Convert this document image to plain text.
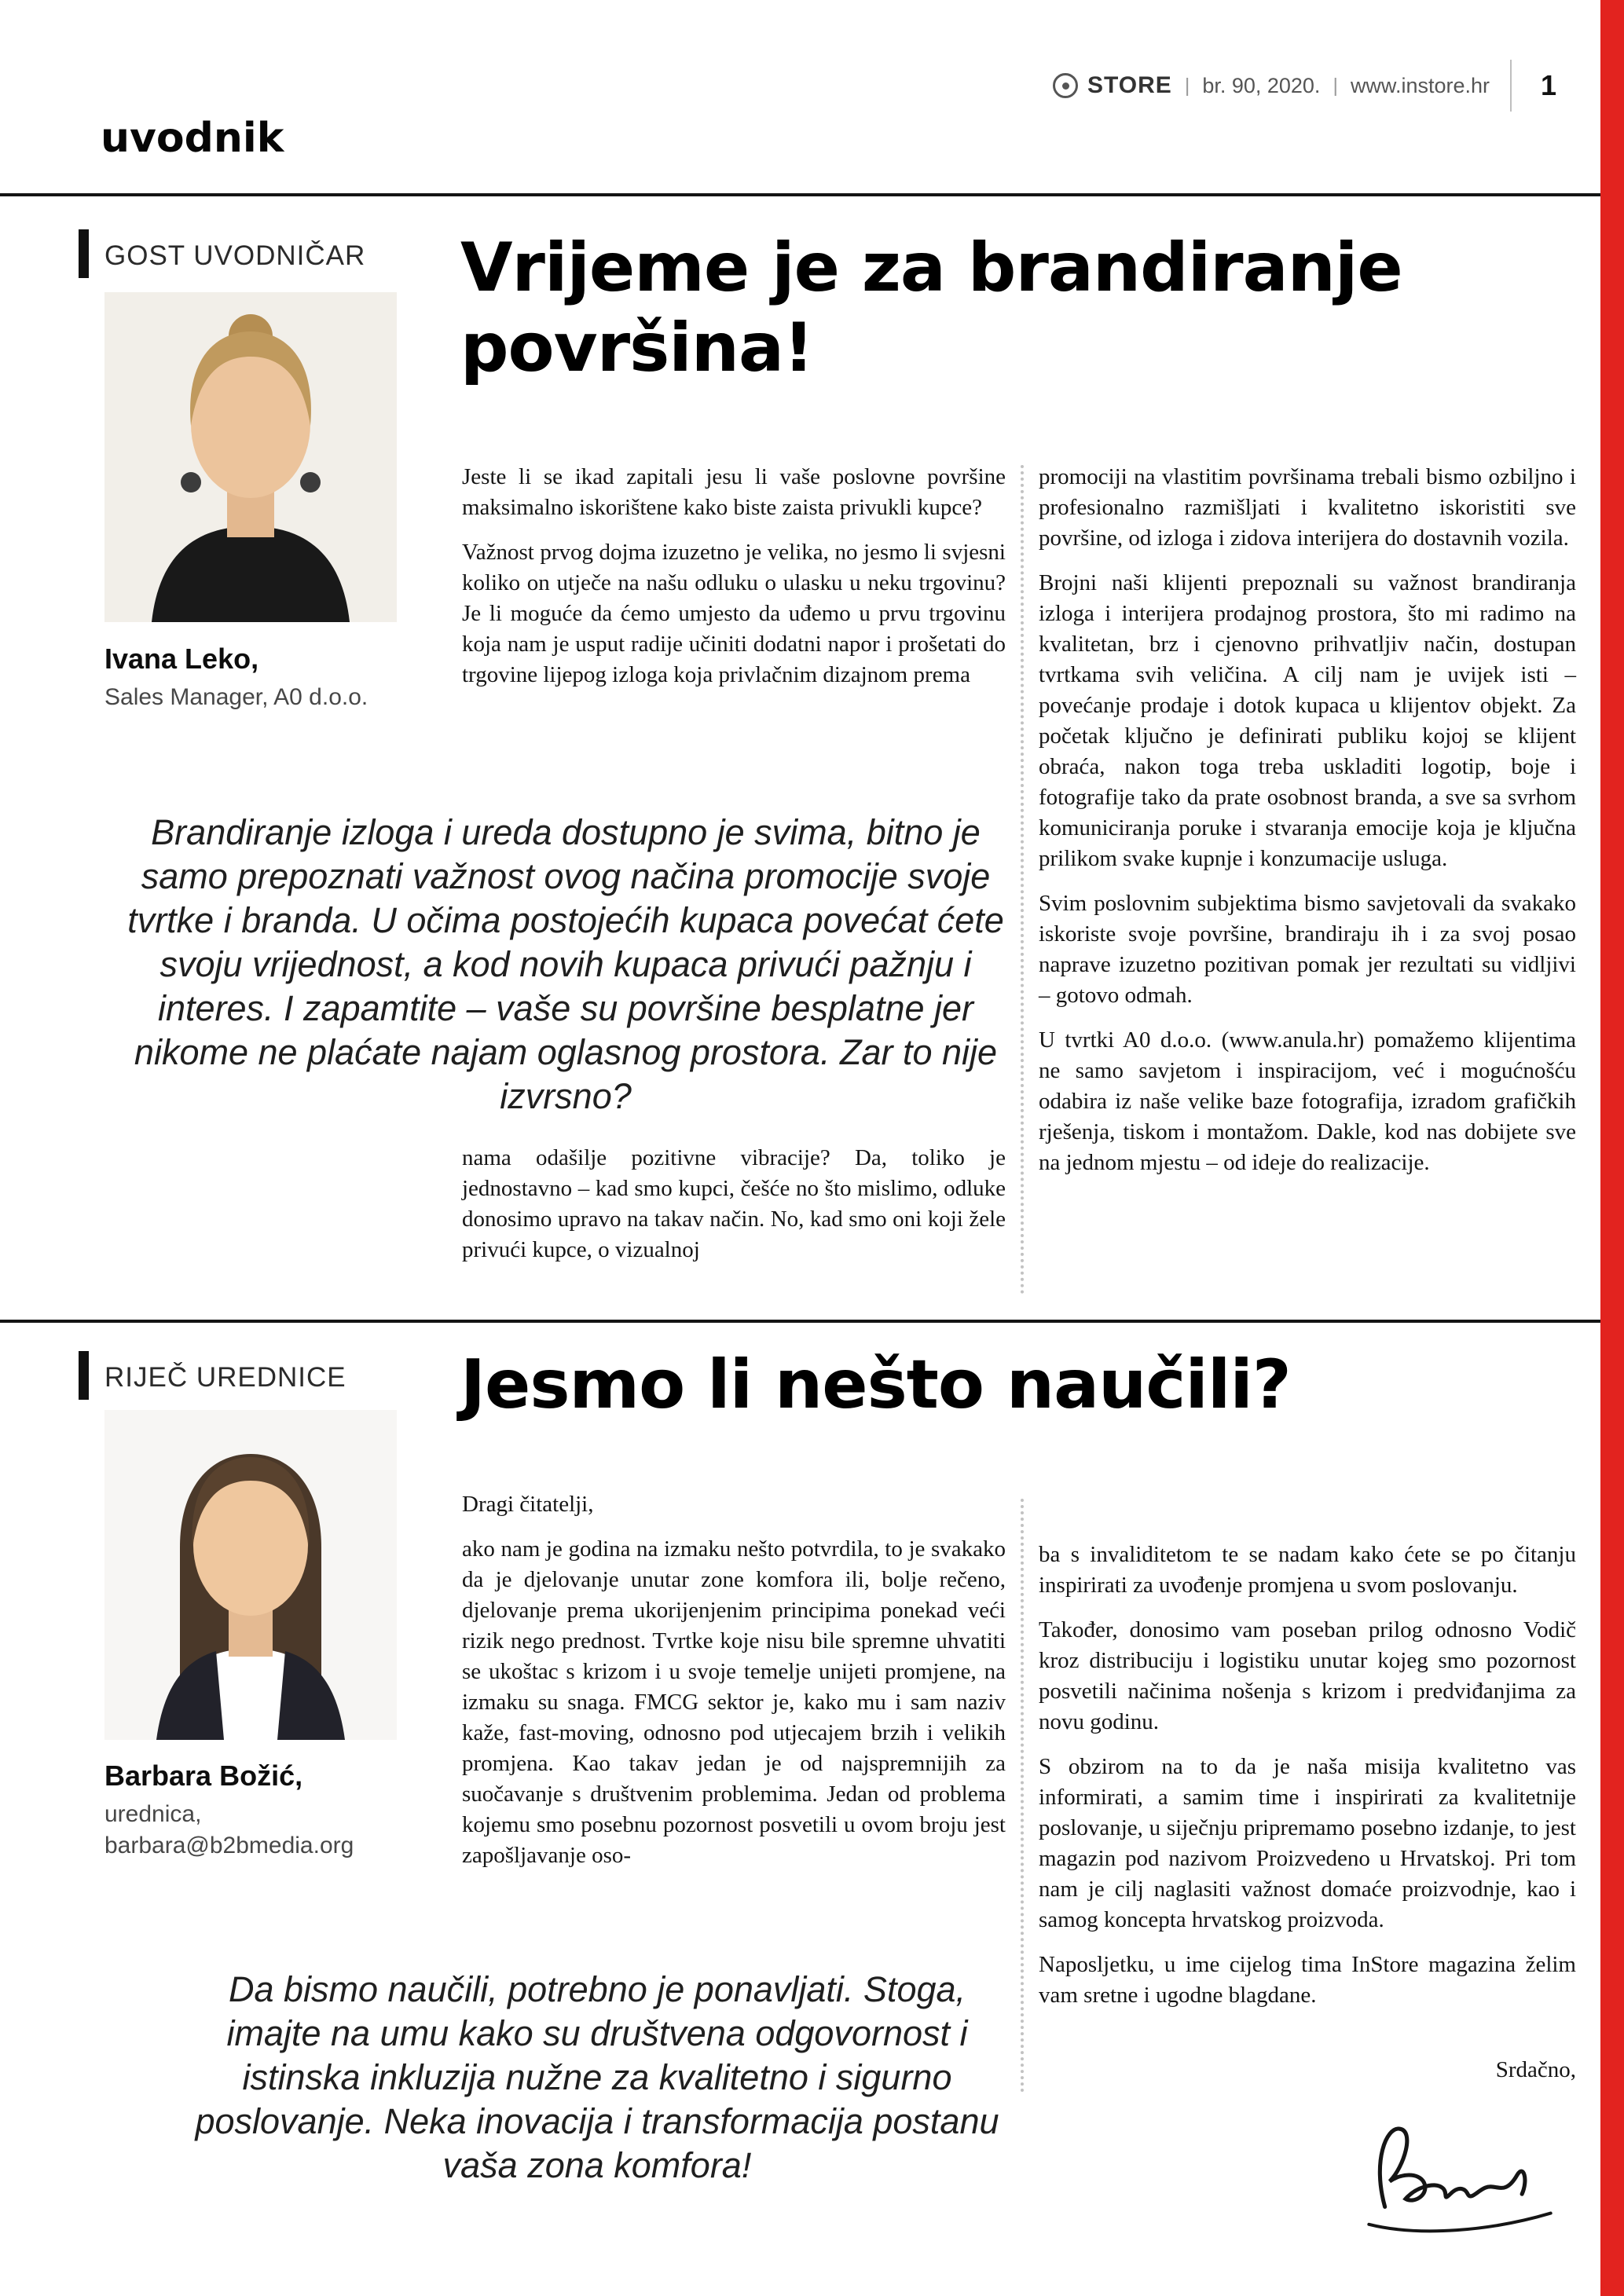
STORE | br. 90, 2020. | www.instore.hr	1
uvodnik
GOST UVODNIČAR
Ivana Leko,
Sales Manager, A0 d.o.o.
Vrijeme je za brandiranje
površina!

Jeste li se ikad zapitali jesu li vaše poslovne površine maksimalno iskorištene kako biste zaista privukli kupce?

Važnost prvog dojma izuzetno je velika, no jesmo li svjesni koliko on utječe na našu odluku o ulasku u neku trgovinu? Je li moguće da ćemo umjesto da uđemo u prvu trgovinu koja nam je usput radije učiniti dodatni napor i prošetati do trgovine lijepog izloga koja privlačnim dizajnom prema

Brandiranje izloga i ureda dostupno je svima, bitno je samo prepoznati važnost ovog načina promocije svoje tvrtke i branda. U očima postojećih kupaca povećat ćete svoju vrijednost, a kod novih kupaca privući pažnju i interes. I zapamtite – vaše su površine besplatne jer nikome ne plaćate najam oglasnog prostora. Zar to nije izvrsno?

nama odašilje pozitivne vibracije? Da, toliko je jednostavno – kad smo kupci, češće no što mislimo, odluke donosimo upravo na takav način. No, kad smo oni koji žele privući kupce, o vizualnoj

promociji na vlastitim površinama trebali bismo ozbiljno i profesionalno razmišljati i kvalitetno iskoristiti sve površine, od izloga i zidova interijera do dostavnih vozila.

Brojni naši klijenti prepoznali su važnost brandiranja izloga i interijera prodajnog prostora, što mi radimo na kvalitetan, brz i cjenovno prihvatljiv način, dostupan tvrtkama svih veličina. A cilj nam je uvijek isti – povećanje prodaje i dotok kupaca u klijentov objekt. Za početak ključno je definirati publiku kojoj se klijent obraća, nakon toga treba uskladiti logotip, boje i fotografije tako da prate osobnost branda, a sve sa svrhom komuniciranja poruke i stvaranja emocije koja je ključna prilikom svake kupnje i konzumacije usluga.

Svim poslovnim subjektima bismo savjetovali da svakako iskoriste svoje površine, brandiraju ih i za svoj posao naprave izuzetno pozitivan pomak jer rezultati su vidljivi – gotovo odmah.

U tvrtki A0 d.o.o. (www.anula.hr) pomažemo klijentima ne samo savjetom i inspiracijom, već i mogućnošću odabira iz naše velike baze fotografija, izradom grafičkih rješenja, tiskom i montažom. Dakle, kod nas dobijete sve na jednom mjestu – od ideje do realizacije.

RIJEČ UREDNICE
Barbara Božić,
urednica,
barbara@b2bmedia.org
Jesmo li nešto naučili?

Dragi čitatelji,

ako nam je godina na izmaku nešto potvrdila, to je svakako da je djelovanje unutar zone komfora ili, bolje rečeno, djelovanje prema ukorijenjenim principima ponekad veći rizik nego prednost. Tvrtke koje nisu bile spremne uhvatiti se ukoštac s krizom i u svoje temelje unijeti promjene, na izmaku su snaga. FMCG sektor je, kako mu i sam naziv kaže, fast-moving, odnosno pod utjecajem brzih i velikih promjena. Kao takav jedan je od najspremnijih za suočavanje s društvenim problemima. Jedan od problema kojemu smo posebnu pozornost posvetili u ovom broju jest zapošljavanje oso-

Da bismo naučili, potrebno je ponavljati. Stoga, imajte na umu kako su društvena odgovornost i istinska inkluzija nužne za kvalitetno i sigurno poslovanje. Neka inovacija i transformacija postanu vaša zona komfora!

ba s invaliditetom te se nadam kako ćete se po čitanju inspirirati za uvođenje promjena u svom poslovanju.

Također, donosimo vam poseban prilog odnosno Vodič kroz distribuciju i logistiku unutar kojeg smo pozornost posvetili načinima nošenja s krizom i predviđanjima za novu godinu.

S obzirom na to da je naša misija kvalitetno vas informirati, a samim time i inspirirati za kvalitetnije poslovanje, u siječnju pripremamo posebno izdanje, to jest magazin pod nazivom Proizvedeno u Hrvatskoj. Pri tom nam je cilj naglasiti važnost domaće proizvodnje, kao i samog koncepta hrvatskog proizvoda.

Naposljetku, u ime cijelog tima InStore magazina želim vam sretne i ugodne blagdane.

Srdačno,
